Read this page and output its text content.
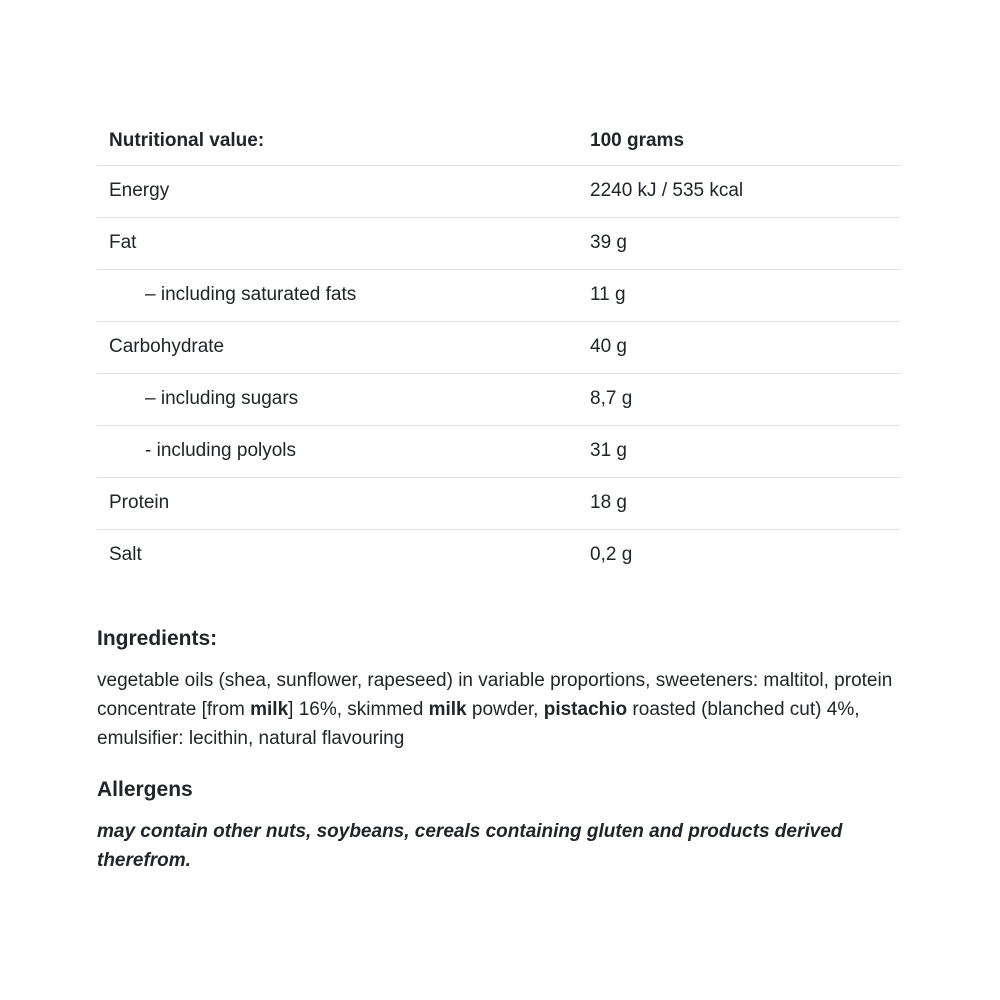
Nutritional value:	100 grams
Energy	2240 kJ / 535 kcal
Fat	39 g
– including saturated fats	11 g
Carbohydrate	40 g
– including sugars	8,7 g
- including polyols	31 g
Protein	18 g
Salt	0,2 g
Ingredients:

vegetable oils (shea, sunflower, rapeseed) in variable proportions, sweeteners: maltitol, protein concentrate [from milk] 16%, skimmed milk powder, pistachio roasted (blanched cut) 4%, emulsifier: lecithin, natural flavouring

Allergens

may contain other nuts, soybeans, cereals containing gluten and products derived therefrom.
